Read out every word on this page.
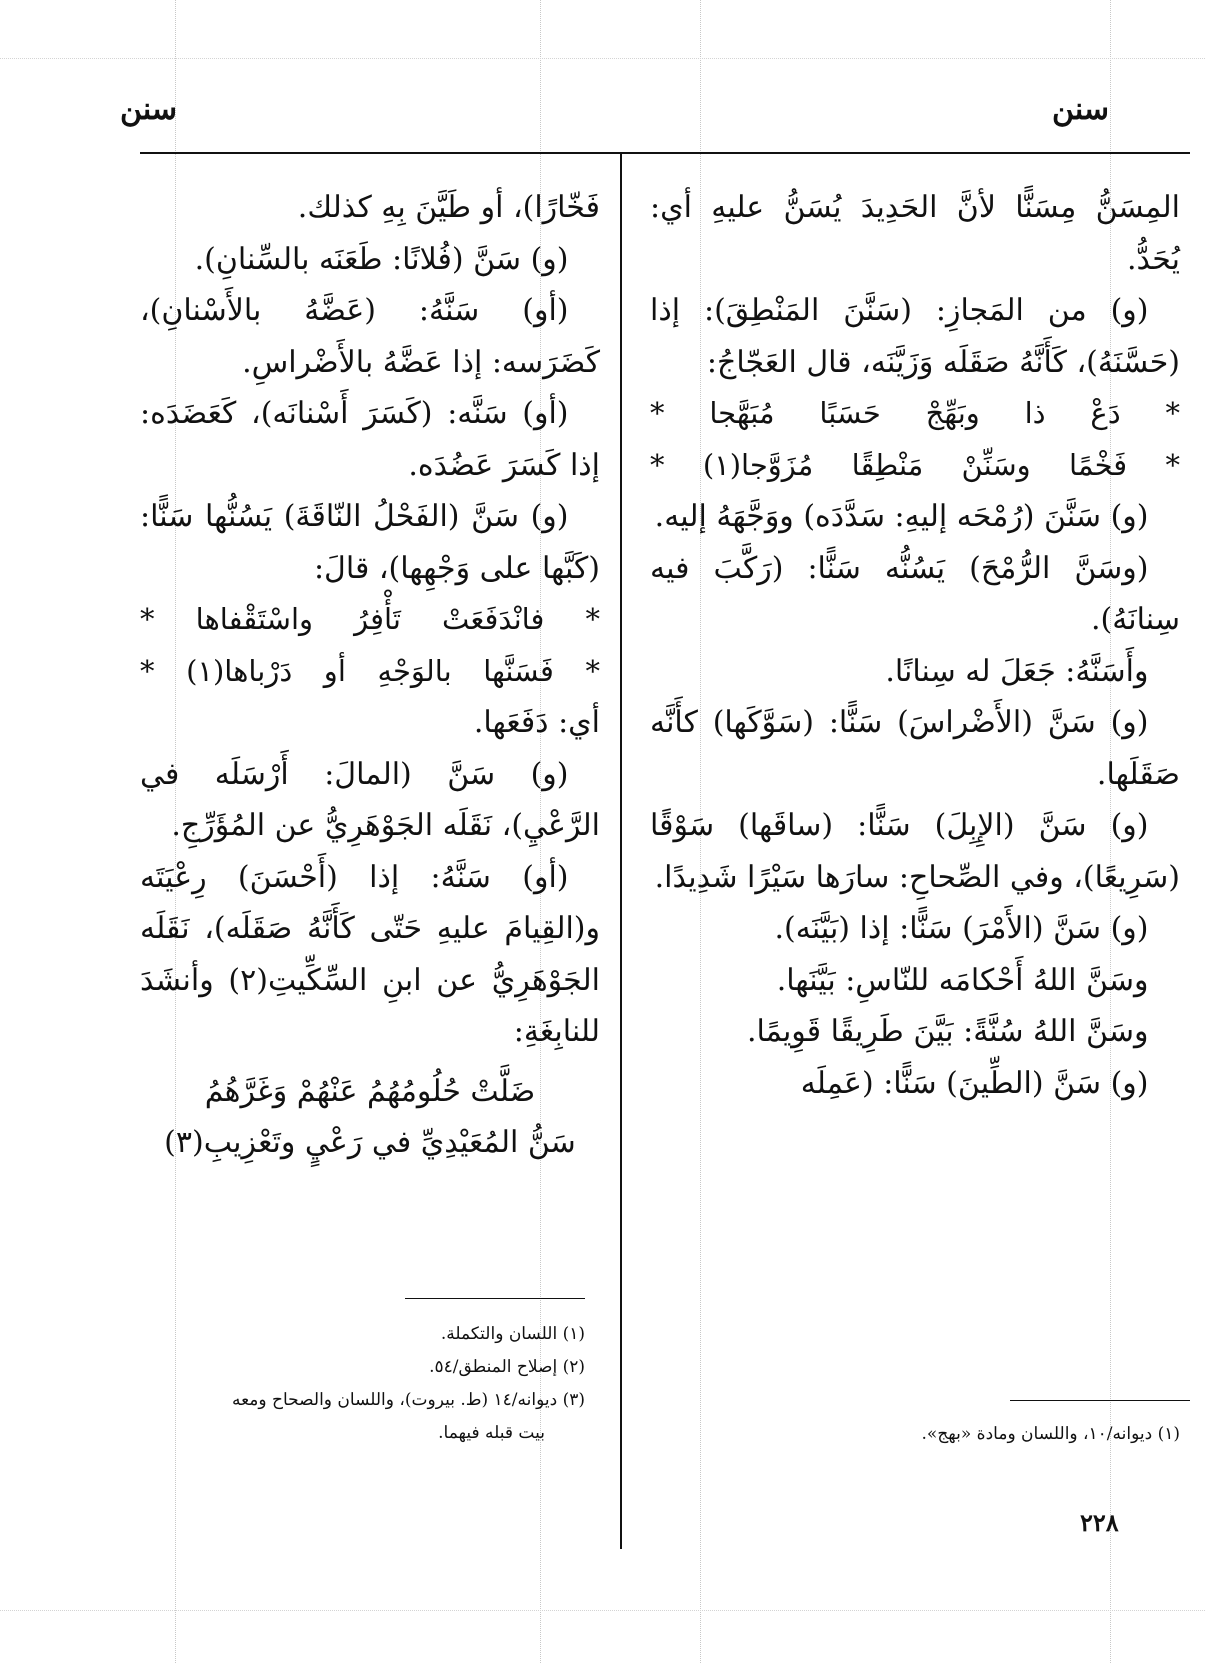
سنن
سنن

المِسَنُّ مِسَنًّا لأنَّ الحَدِيدَ يُسَنُّ عليهِ أي: يُحَدُّ.

(و) من المَجازِ: (سَنَّنَ المَنْطِقَ): إذا (حَسَّنَهُ)، كَأَنَّهُ صَقَلَه وَزَيَّنَه، قال العَجّاجُ:

* دَعْ ذا وبَهِّجْ حَسَبًا مُبَهَّجا *
* فَخْمًا وسَنِّنْ مَنْطِقًا مُزَوَّجا(١) *

(و) سَنَّنَ (رُمْحَه إليهِ: سَدَّدَه) ووَجَّهَهُ إليه.

(وسَنَّ الرُّمْحَ) يَسُنُّه سَنًّا: (رَكَّبَ فيه سِنانَهُ).

وأَسَنَّهُ: جَعَلَ له سِنانًا.

(و) سَنَّ (الأَضْراسَ) سَنًّا: (سَوَّكَها) كأَنَّه صَقَلَها.

(و) سَنَّ (الإِبِلَ) سَنًّا: (ساقَها) سَوْقًا (سَرِيعًا)، وفي الصِّحاحِ: سارَها سَيْرًا شَدِيدًا.

(و) سَنَّ (الأَمْرَ) سَنًّا: إذا (بَيَّنَه).

وسَنَّ اللهُ أَحْكامَه للنّاسِ: بَيَّنَها.

وسَنَّ اللهُ سُنَّةً: بَيَّنَ طَرِيقًا قَوِيمًا.

(و) سَنَّ (الطِّينَ) سَنًّا: (عَمِلَه

(١) ديوانه/١٠، واللسان ومادة «بهج».

فَخّارًا)، أو طَيَّنَ بِهِ كذلك.

(و) سَنَّ (فُلانًا: طَعَنَه بالسِّنانِ).

(أو) سَنَّهُ: (عَضَّهُ بالأَسْنانِ)، كَضَرَسه: إذا عَضَّهُ بالأَضْراسِ.

(أو) سَنَّه: (كَسَرَ أَسْنانَه)، كَعَضَدَه: إذا كَسَرَ عَضُدَه.

(و) سَنَّ (الفَحْلُ النّاقَةَ) يَسُنُّها سَنًّا: (كَبَّها على وَجْهِها)، قالَ:

* فانْدَفَعَتْ تَأْفِرُ واسْتَقْفاها *
* فَسَنَّها بالوَجْهِ أو دَرْباها(١) *

أي: دَفَعَها.

(و) سَنَّ (المالَ: أَرْسَلَه في الرَّعْيِ)، نَقَلَه الجَوْهَرِيُّ عن المُؤَرِّجِ.

(أو) سَنَّهُ: إذا (أَحْسَنَ) رِعْيَتَه و(القِيامَ عليهِ حَتّى كَأَنَّهُ صَقَلَه)، نَقَلَه الجَوْهَرِيُّ عن ابنِ السِّكِّيتِ(٢) وأنشَدَ للنابِغَةِ:

ضَلَّتْ حُلُومُهُمُ عَنْهُمْ وَغَرَّهُمُ
سَنُّ المُعَيْدِيِّ في رَعْيٍ وتَعْزِيبِ(٣)

(١) اللسان والتكملة.

(٢) إصلاح المنطق/٥٤.

(٣) ديوانه/١٤ (ط. بيروت)، واللسان والصحاح ومعه

بيت قبله فيهما.

٢٢٨
